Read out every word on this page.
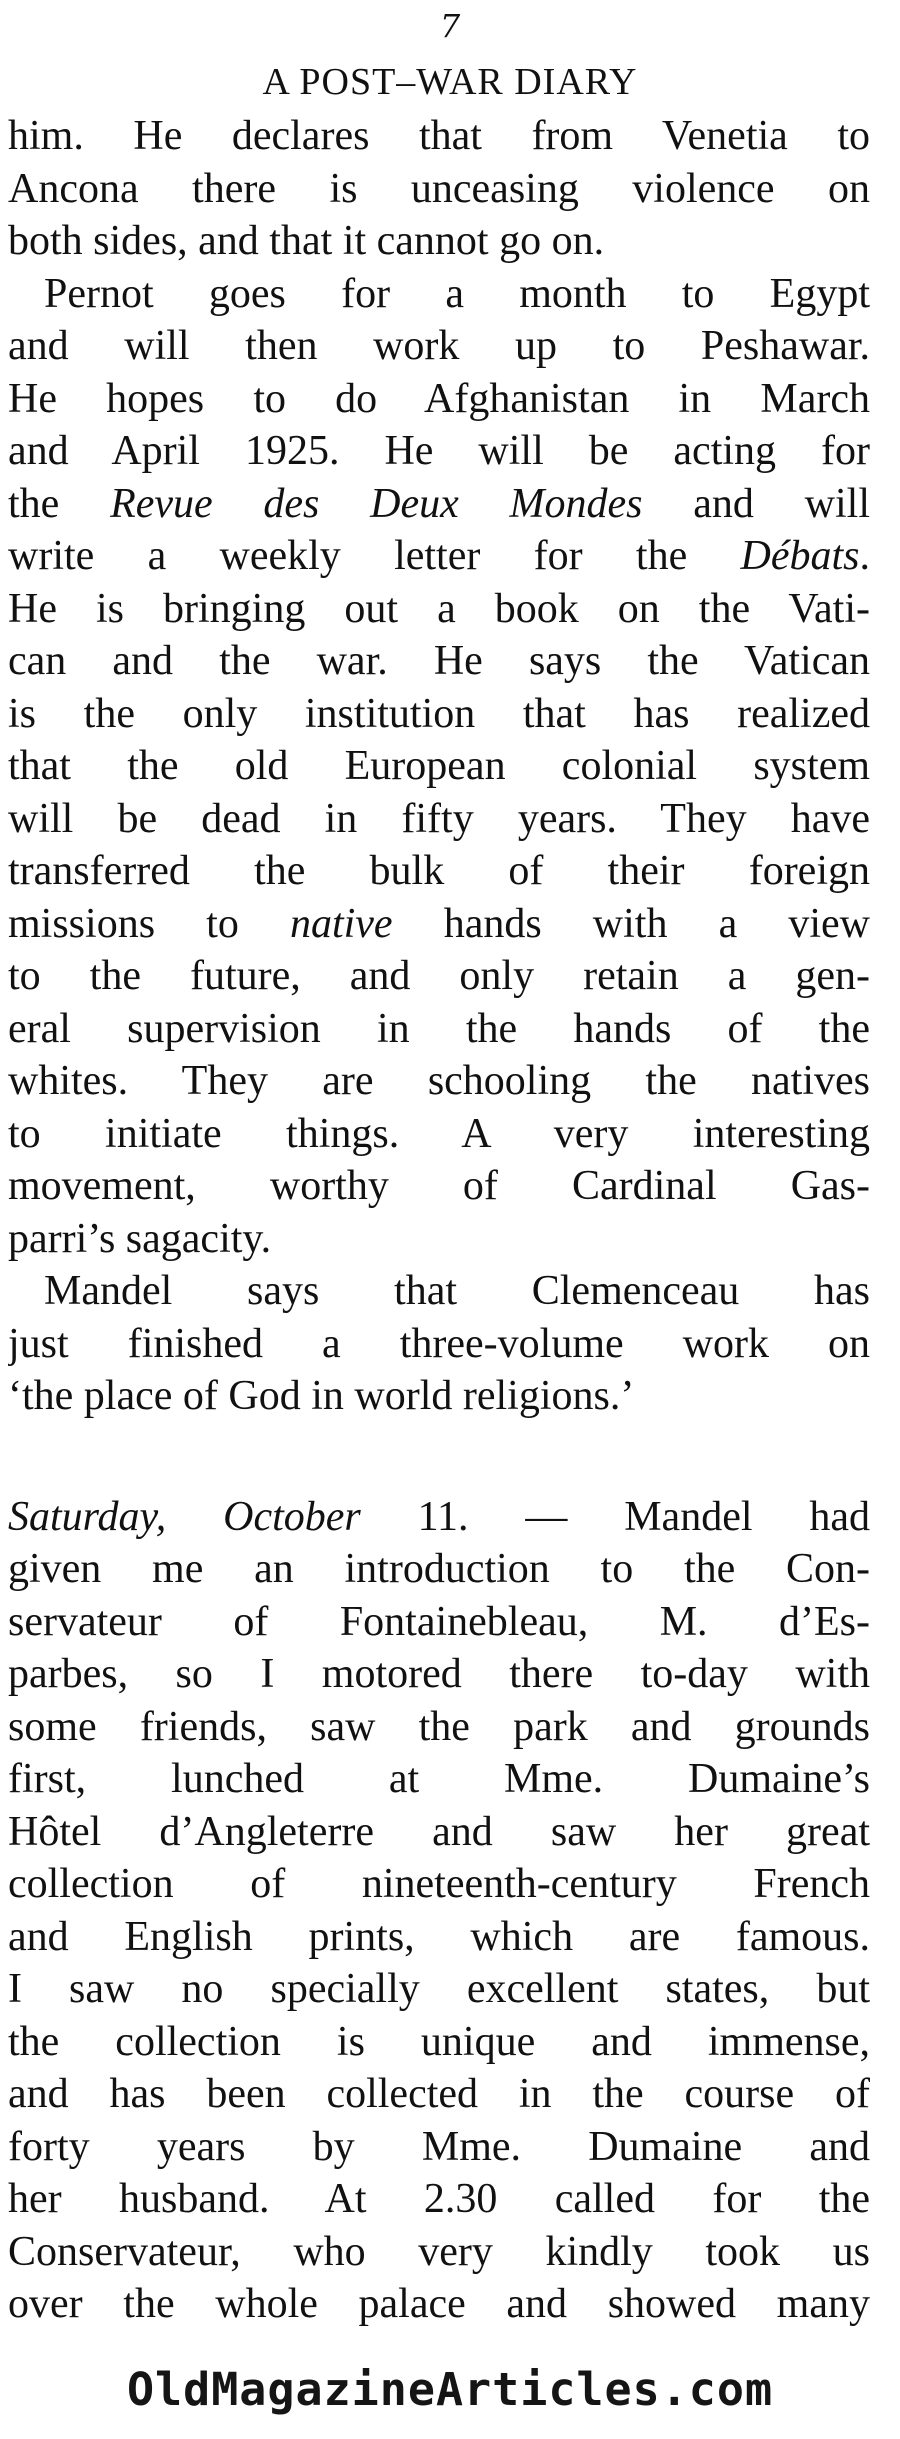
7
A POST–WAR DIARY
him. He declares that from Venetia to
Ancona there is unceasing violence on
both sides, and that it cannot go on.
Pernot goes for a month to Egypt
and will then work up to Peshawar.
He hopes to do Afghanistan in March
and April 1925. He will be acting for
the Revue des Deux Mondes and will
write a weekly letter for the Débats.
He is bringing out a book on the Vati-
can and the war. He says the Vatican
is the only institution that has realized
that the old European colonial system
will be dead in fifty years. They have
transferred the bulk of their foreign
missions to native hands with a view
to the future, and only retain a gen-
eral supervision in the hands of the
whites. They are schooling the natives
to initiate things. A very interesting
movement, worthy of Cardinal Gas-
parri’s sagacity.
Mandel says that Clemenceau has
just finished a three-volume work on
‘the place of God in world religions.’
Saturday, October 11. — Mandel had
given me an introduction to the Con-
servateur of Fontainebleau, M. d’Es-
parbes, so I motored there to-day with
some friends, saw the park and grounds
first, lunched at Mme. Dumaine’s
Hôtel d’Angleterre and saw her great
collection of nineteenth-century French
and English prints, which are famous.
I saw no specially excellent states, but
the collection is unique and immense,
and has been collected in the course of
forty years by Mme. Dumaine and
her husband. At 2.30 called for the
Conservateur, who very kindly took us
over the whole palace and showed many
OldMagazineArticles.com
